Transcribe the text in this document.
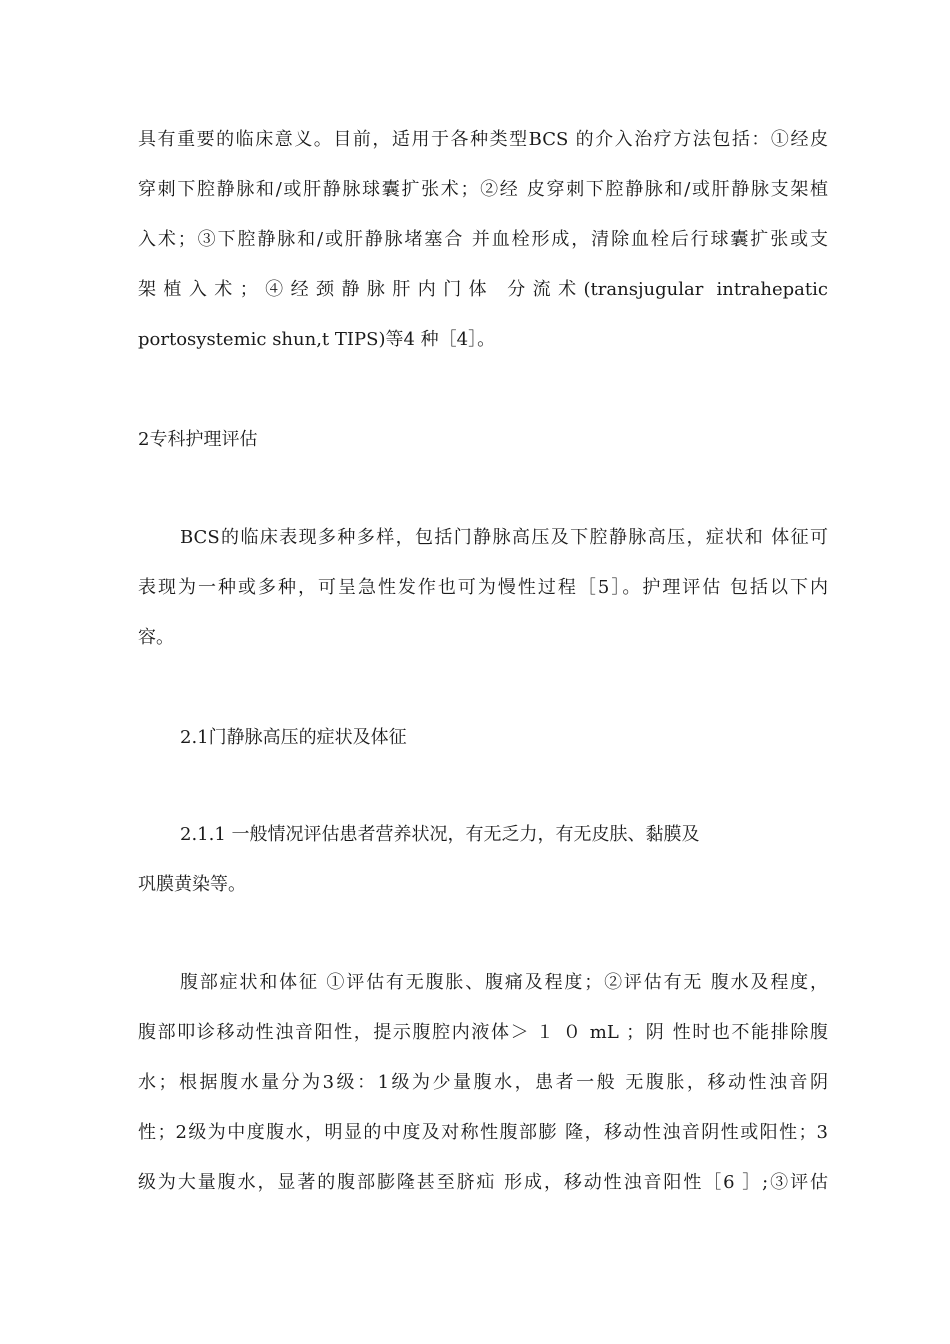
具有重要的临床意义。目前，适用于各种类型BCS 的介入治疗方法包括：①经皮
穿刺下腔静脉和/或肝静脉球囊扩张术；②经 皮穿刺下腔静脉和/或肝静脉支架植
入术；③下腔静脉和/或肝静脉堵塞合 并血栓形成，清除血栓后行球囊扩张或支
架植入术；④经颈静脉肝内门体 分流术(transjugular intrahepatic
portosystemic shun,t TIPS)等4 种［4］。
2专科护理评估
BCS的临床表现多种多样，包括门静脉高压及下腔静脉高压，症状和 体征可
表现为一种或多种，可呈急性发作也可为慢性过程［5］。护理评估 包括以下内
容。
2.1门静脉高压的症状及体征
2.1.1 一般情况评估患者营养状况，有无乏力，有无皮肤、黏膜及
巩膜黄染等。
腹部症状和体征 ①评估有无腹胀、腹痛及程度；②评估有无 腹水及程度，
腹部叩诊移动性浊音阳性，提示腹腔内液体＞ １ ０ mL ；阴 性时也不能排除腹
水；根据腹水量分为3级：1级为少量腹水，患者一般 无腹胀，移动性浊音阴
性；2级为中度腹水，明显的中度及对称性腹部膨 隆，移动性浊音阴性或阳性；3
级为大量腹水，显著的腹部膨隆甚至脐疝 形成，移动性浊音阳性［6 ］;③评估
